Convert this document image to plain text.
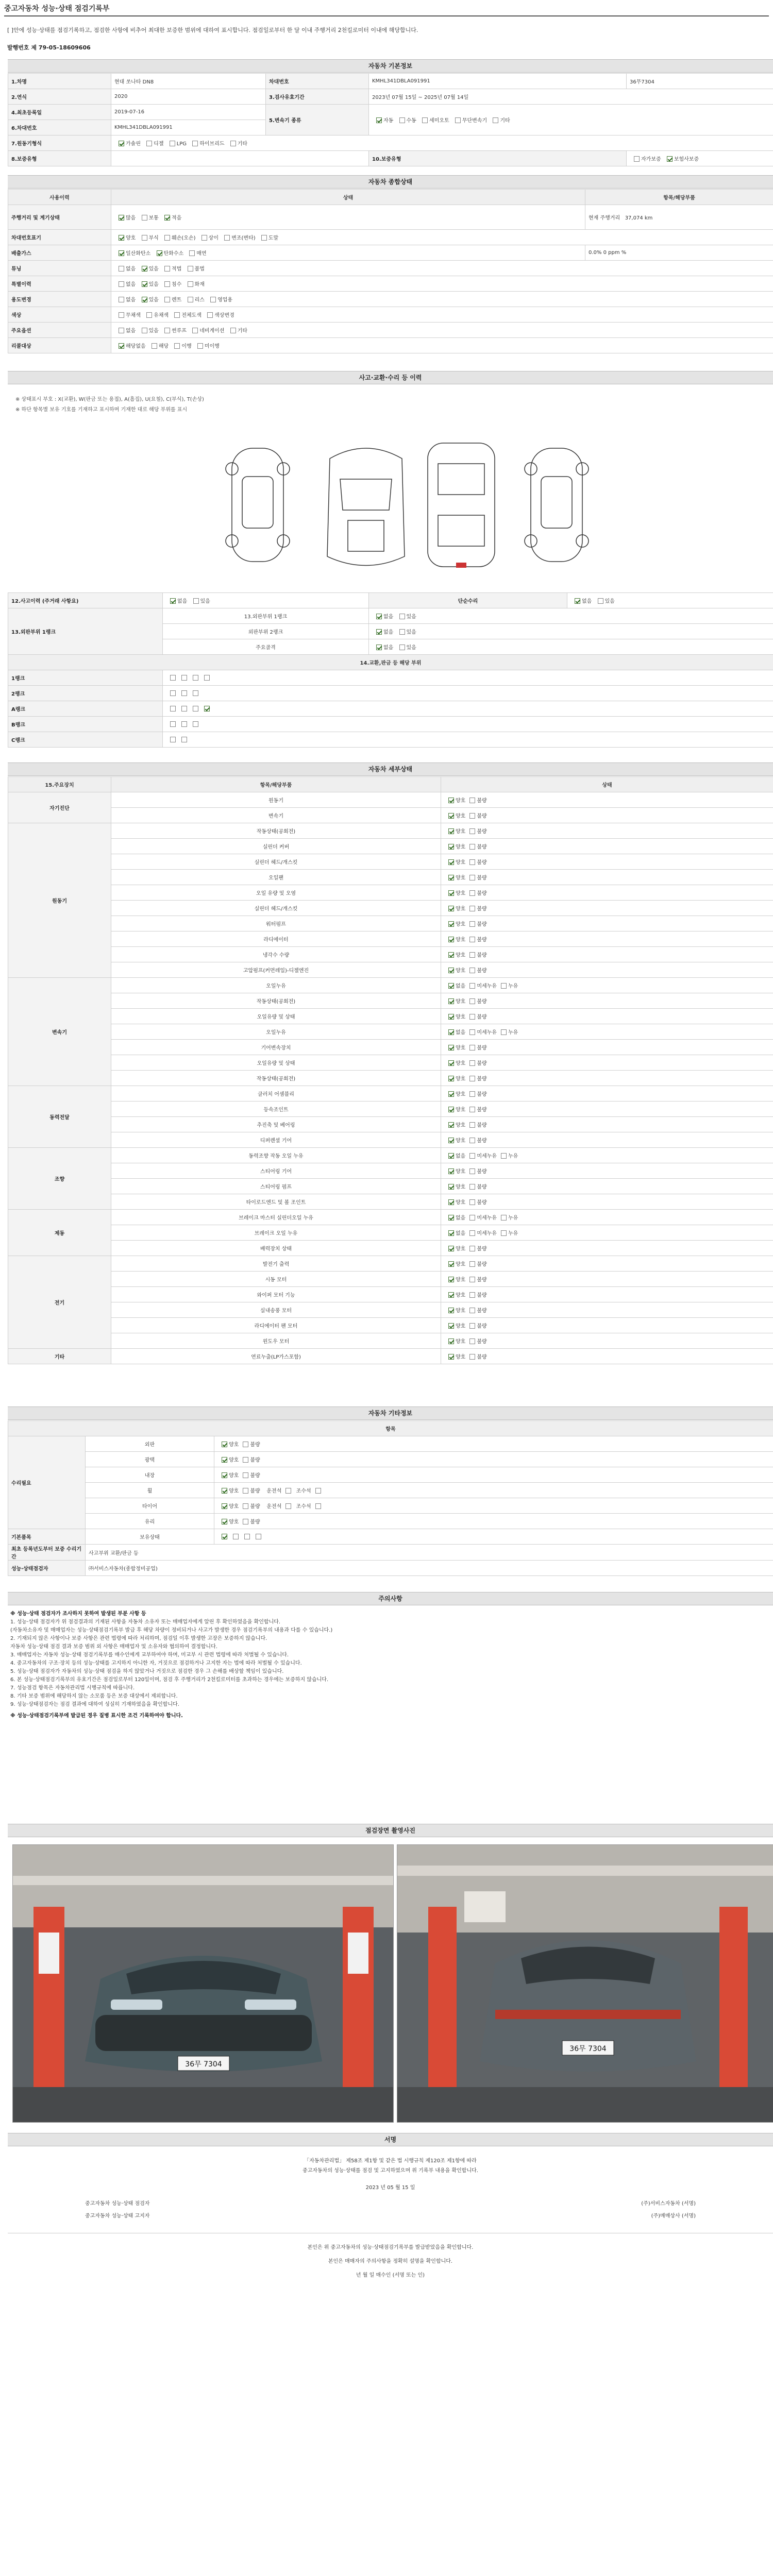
중고자동차 성능·상태 점검기록부
[ ]안에 성능·상태를 점검기록하고, 점검한 사항에 비추어 최대한 보증한 범위에 대하여 표시합니다. 점검일로부터 한 달 이내 주행거리 2천킬로미터 이내에 해당합니다.
발행번호 제 79-05-18609606
자동차 기본정보
1.차명	현대 쏘나타 DN8	차대번호	KMHL341DBLA091991	36무7304
2.연식	2020	3.검사유효기간	2023년 07월 15일 ~ 2025년 07월 14일	
4.최초등록일	2019-07-16	5.변속기 종류	자동 수동 세미오토 무단변속기 기타	
6.차대번호	KMHL341DBLA091991			
7.원동기형식	가솔린 디젤 LPG 하이브리드 기타			
8.보증유형			10.보증유형	자가보증 보험사보증
자동차 종합상태
사용이력	상태	항목/해당부품
주행거리 및 계기상태	많음 보통 적음	현재 주행거리 37,074 km
차대번호표기	양호 부식 훼손(오손) 상이 변조(변타) 도말	
배출가스	일산화탄소 탄화수소 매연	0.0% 0 ppm %
튜닝	없음 있음 적법 불법	
특별이력	없음 있음 침수 화재	
용도변경	없음 있음 렌트 리스 영업용	
색상	무채색 유채색 전체도색 색상변경	
주요옵션	없음 있음 썬루프 네비게이션 기타	
리콜대상	해당없음 해당 이행 미이행	
사고·교환·수리 등 이력
※ 상태표시 부호 : X(교환), W(판금 또는 용접), A(흠집), U(요철), C(부식), T(손상)
※ 하단 항목별 보유 기호를 기재하고 표시하며 기재한 대로 해당 부위를 표시
12.사고이력 (주거래 사항요)	없음 있음	단순수리	없음 있음
13.외판부위 1랭크	13.외판부위 1랭크	없음 있음	
	외판부위 2랭크	없음 있음	
	주요골격	없음 있음	
14.교환,판금 등 해당 부위			
1랭크			
2랭크			
A랭크			
B랭크			
C랭크			
자동차 세부상태
15.주요장치	항목/해당부품	상태
자기진단	원동기	양호 불량
	변속기	양호 불량
원동기	작동상태(공회전)	양호 불량
	실린더 커버	양호 불량
	실린더 헤드/개스킷	양호 불량
	오일팬	양호 불량
	오일 유량 및 오염	양호 불량
	실린더 헤드/개스킷	양호 불량
	워터펌프	양호 불량
	라디에이터	양호 불량
	냉각수 수량	양호 불량
	고압펌프(커먼레일)-디젤엔진	양호 불량
변속기	오일누유	없음 미세누유 누유
	작동상태(공회전)	양호 불량
	오일유량 및 상태	양호 불량
	오일누유	없음 미세누유 누유
	기어변속장치	양호 불량
	오일유량 및 상태	양호 불량
	작동상태(공회전)	양호 불량
동력전달	클러치 어셈블리	양호 불량
	등속조인트	양호 불량
	추진축 및 베어링	양호 불량
	디퍼렌셜 기어	양호 불량
조향	동력조향 작동 오일 누유	없음 미세누유 누유
	스티어링 기어	양호 불량
	스티어링 펌프	양호 불량
	타이로드엔드 및 볼 조인트	양호 불량
제동	브레이크 마스터 실린더오일 누유	없음 미세누유 누유
	브레이크 오일 누유	없음 미세누유 누유
	배력장치 상태	양호 불량
전기	발전기 출력	양호 불량
	시동 모터	양호 불량
	와이퍼 모터 기능	양호 불량
	실내송풍 모터	양호 불량
	라디에이터 팬 모터	양호 불량
	윈도우 모터	양호 불량
기타	연료누출(LP가스포함)	양호 불량
자동차 기타정보
항목		
수리필요	외판	양호 불량
	광택	양호 불량
	내장	양호 불량
	휠	양호 불량 운전석 조수석
	타이어	양호 불량 운전석 조수석
	유리	양호 불량
기본품목	보유상태	
최초 등록년도부터 보증 수리기간	사고부위 교환/판금 등	
성능·상태점검자	㈜서비스자동차(종합정비공업)	
주의사항
※ 성능·상태 점검자가 조사하지 못하여 발생된 부분 사항 등
1. 성능·상태 점검자가 위 점검결과의 기재된 사항을 자동차 소유자 또는 매매업자에게 알린 후 확인하였음을 확인합니다.
(자동차소유자 및 매매업자는 성능·상태점검기록부 발급 후 해당 차량이 정비되거나 사고가 발생한 경우 점검기록부의 내용과 다를 수 있습니다.)
2. 기재되지 않은 사항이나 보증 사항은 관련 법령에 따라 처리하며, 점검일 이후 발생한 고장은 보증하지 않습니다.
자동차 성능·상태 점검 결과 보증 범위 외 사항은 매매업자 및 소유자와 협의하여 결정합니다.
3. 매매업자는 자동차 성능·상태 점검기록부를 매수인에게 교부하여야 하며, 미교부 시 관련 법령에 따라 처벌될 수 있습니다.
4. 중고자동차의 구조·장치 등의 성능·상태를 고지하지 아니한 자, 거짓으로 점검하거나 고지한 자는 법에 따라 처벌될 수 있습니다.
5. 성능·상태 점검자가 자동차의 성능·상태 점검을 하지 않았거나 거짓으로 점검한 경우 그 손해를 배상할 책임이 있습니다.
6. 본 성능·상태점검기록부의 유효기간은 점검일로부터 120일이며, 점검 후 주행거리가 2천킬로미터를 초과하는 경우에는 보증하지 않습니다.
7. 성능점검 항목은 자동차관리법 시행규칙에 따릅니다.
8. 기타 보증 범위에 해당하지 않는 소모품 등은 보증 대상에서 제외합니다.
9. 성능·상태점검자는 점검 결과에 대하여 성실히 기재하였음을 확인합니다.
※ 성능·상태점검기록부에 발급된 경우 질병 표시한 조건 기록하여야 합니다.
점검장면 촬영사진
36무 7304
36무 7304
서명
「자동차관리법」 제58조 제1항 및 같은 법 시행규칙 제120조 제1항에 따라
중고자동차의 성능·상태를 점검 및 고지하였으며 위 기록부 내용을 확인합니다.
2023 년 05 월 15 일
중고자동차 성능·상태 점검자	(주)서비스자동차 (서명)
중고자동차 성능·상태 고지자	(주)매매상사 (서명)
본인은 위 중고자동차의 성능·상태점검기록부를 발급받았음을 확인합니다.
본인은 매매자의 주의사항을 정확히 설명을 확인합니다.
년 월 일 매수인 (서명 또는 인)
